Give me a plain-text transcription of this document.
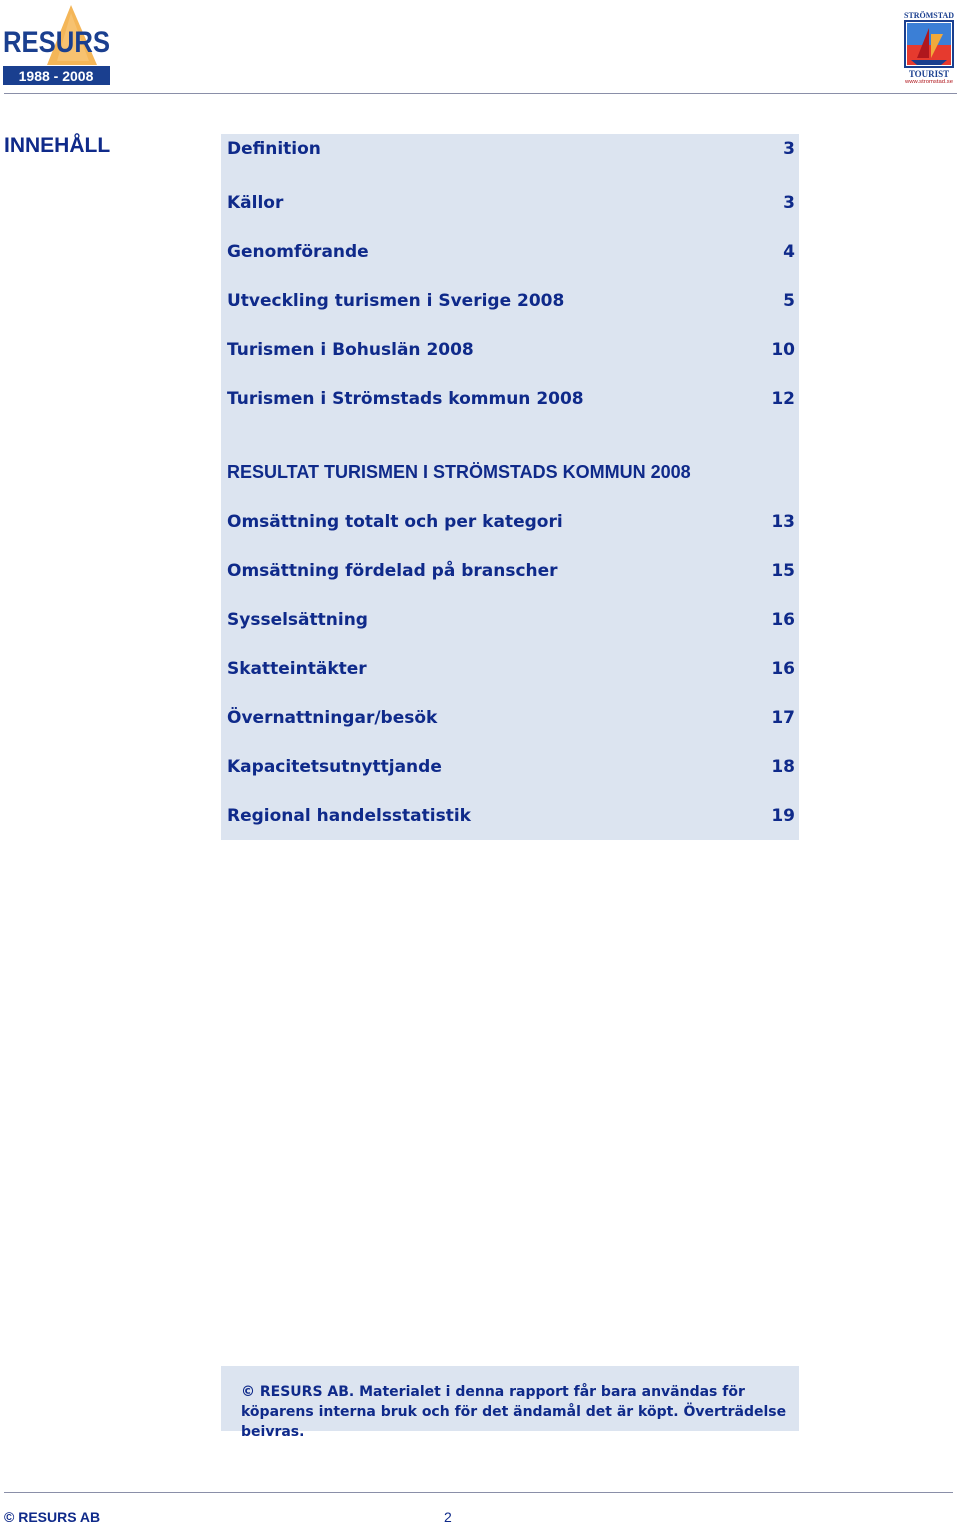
RESURS
1988 - 2008
STRÖMSTAD
TOURIST
www.stromstad.se
INNEHÅLL	Definition	3
Källor	3
Genomförande	4
Utveckling turismen i Sverige 2008	5
Turismen i Bohuslän 2008	10
Turismen i Strömstads kommun 2008	12
RESULTAT TURISMEN I STRÖMSTADS KOMMUN 2008
Omsättning totalt och per kategori	13
Omsättning fördelad på branscher	15
Sysselsättning	16
Skatteintäkter	16
Övernattningar/besök	17
Kapacitetsutnyttjande	18
Regional handelsstatistik	19

© RESURS AB. Materialet i denna rapport får bara användas för köparens interna bruk och för det ändamål det är köpt. Överträdelse beivras.

© RESURS AB	2
